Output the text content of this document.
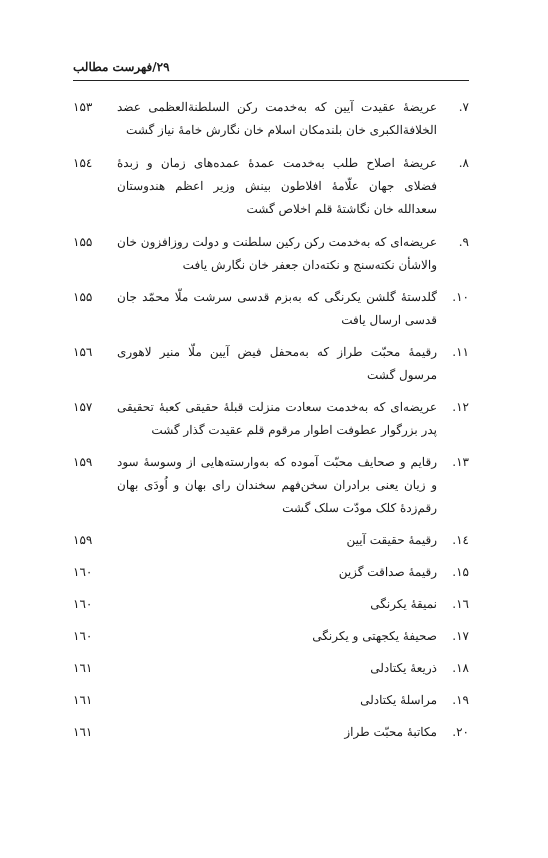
۲۹/فهرست مطالب
۷.
عریضهٔ عقیدت آیین که به‌خدمت رکن السلطنةالعظمی عضد الخلافةالکبری خان بلندمکان اسلام خان نگارش خامهٔ نیاز گشت
۱۵۳
۸.
عریضهٔ اصلاح طلب به‌خدمت عمدهٔ عمده‌های زمان و زبدهٔ فضلای جهان علّامهٔ افلاطون بینش وزیر اعظم هندوستان سعدالله خان نگاشتهٔ قلم اخلاص گشت
۱۵٤
۹.
عریضه‌ای که به‌خدمت رکن رکین سلطنت و دولت روزافزون خان والاشأن نکته‌سنج و نکته‌دان جعفر خان نگارش یافت
۱۵۵
۱۰.
گلدستهٔ گلشن یکرنگی که به‌بزم قدسی سرشت ملّا محمّد جان قدسی ارسال یافت
۱۵۵
۱۱.
رقیمهٔ محبّت طراز که به‌محفل فیض آیین ملّا منیر لاهوری مرسول گشت
۱۵٦
۱۲.
عریضه‌ای که به‌خدمت سعادت منزلت قبلهٔ حقیقی کعبهٔ تحقیقی پدر بزرگوار عطوفت اطوار مرقوم قلم عقیدت گذار گشت
۱۵۷
۱۳.
رقایم و صحایف محبّت آموده که به‌وارسته‌هایی از وسوسهٔ سود و زیان یعنی برادران سخن‌فهم سخندان رای بهان و اُودَی بهان رقم‌زدهٔ کلک مودّت سلک گشت
۱۵۹
۱٤.
رقیمهٔ حقیقت آیین
۱۵۹
۱۵.
رقیمهٔ صداقت گزین
۱٦۰
۱٦.
نمیقهٔ یکرنگی
۱٦۰
۱۷.
صحیفهٔ یکجهتی و یکرنگی
۱٦۰
۱۸.
ذریعهٔ یکتادلی
۱٦۱
۱۹.
مراسلهٔ یکتادلی
۱٦۱
۲۰.
مکاتبهٔ محبّت طراز
۱٦۱
